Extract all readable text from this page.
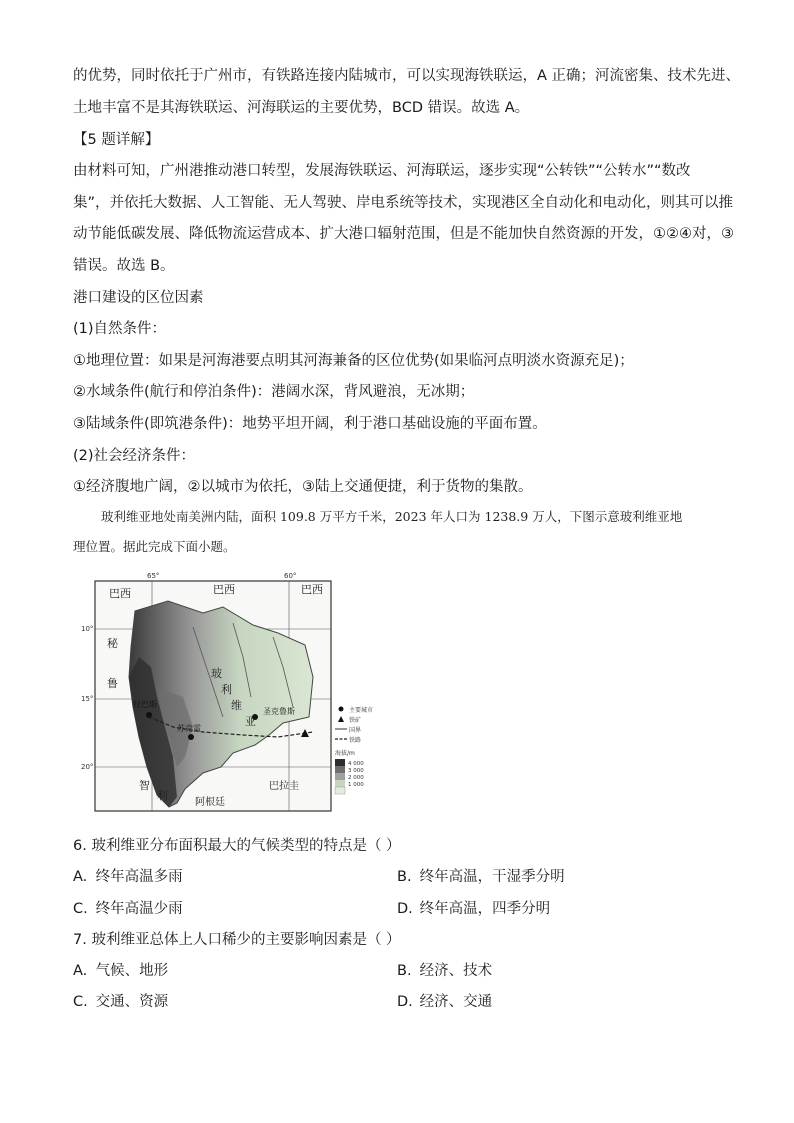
的优势，同时依托于广州市，有铁路连接内陆城市，可以实现海铁联运，A 正确；河流密集、技术先进、
土地丰富不是其海铁联运、河海联运的主要优势，BCD 错误。故选 A。
【5 题详解】
由材料可知，广州港推动港口转型，发展海铁联运、河海联运，逐步实现“公转铁”“公转水”“数改
集”，并依托大数据、人工智能、无人驾驶、岸电系统等技术，实现港区全自动化和电动化，则其可以推
动节能低碳发展、降低物流运营成本、扩大港口辐射范围，但是不能加快自然资源的开发，①②④对，③
错误。故选 B。
港口建设的区位因素
(1)自然条件：
①地理位置：如果是河海港要点明其河海兼备的区位优势(如果临河点明淡水资源充足)；
②水域条件(航行和停泊条件)：港阔水深，背风避浪，无冰期；
③陆域条件(即筑港条件)：地势平坦开阔，利于港口基础设施的平面布置。
(2)社会经济条件：
①经济腹地广阔，②以城市为依托，③陆上交通便捷，利于货物的集散。
玻利维亚地处南美洲内陆，面积 109.8 万平方千米，2023 年人口为 1238.9 万人，下图示意玻利维亚地
理位置。据此完成下面小题。
巴西	巴西	巴西
秘
鲁
玻
利
维
亚
拉巴斯
苏克雷
圣克鲁斯
智
利
阿根廷
巴拉圭
65°	60°
10°
15°
20°
主要城市
铁矿
国界
铁路
海拔/m
4 000
3 000
2 000
1 000
6. 玻利维亚分布面积最大的气候类型的特点是（ ）
A. 终年高温多雨	B. 终年高温，干湿季分明
C. 终年高温少雨	D. 终年高温，四季分明
7. 玻利维亚总体上人口稀少的主要影响因素是（ ）
A. 气候、地形	B. 经济、技术
C. 交通、资源	D. 经济、交通
